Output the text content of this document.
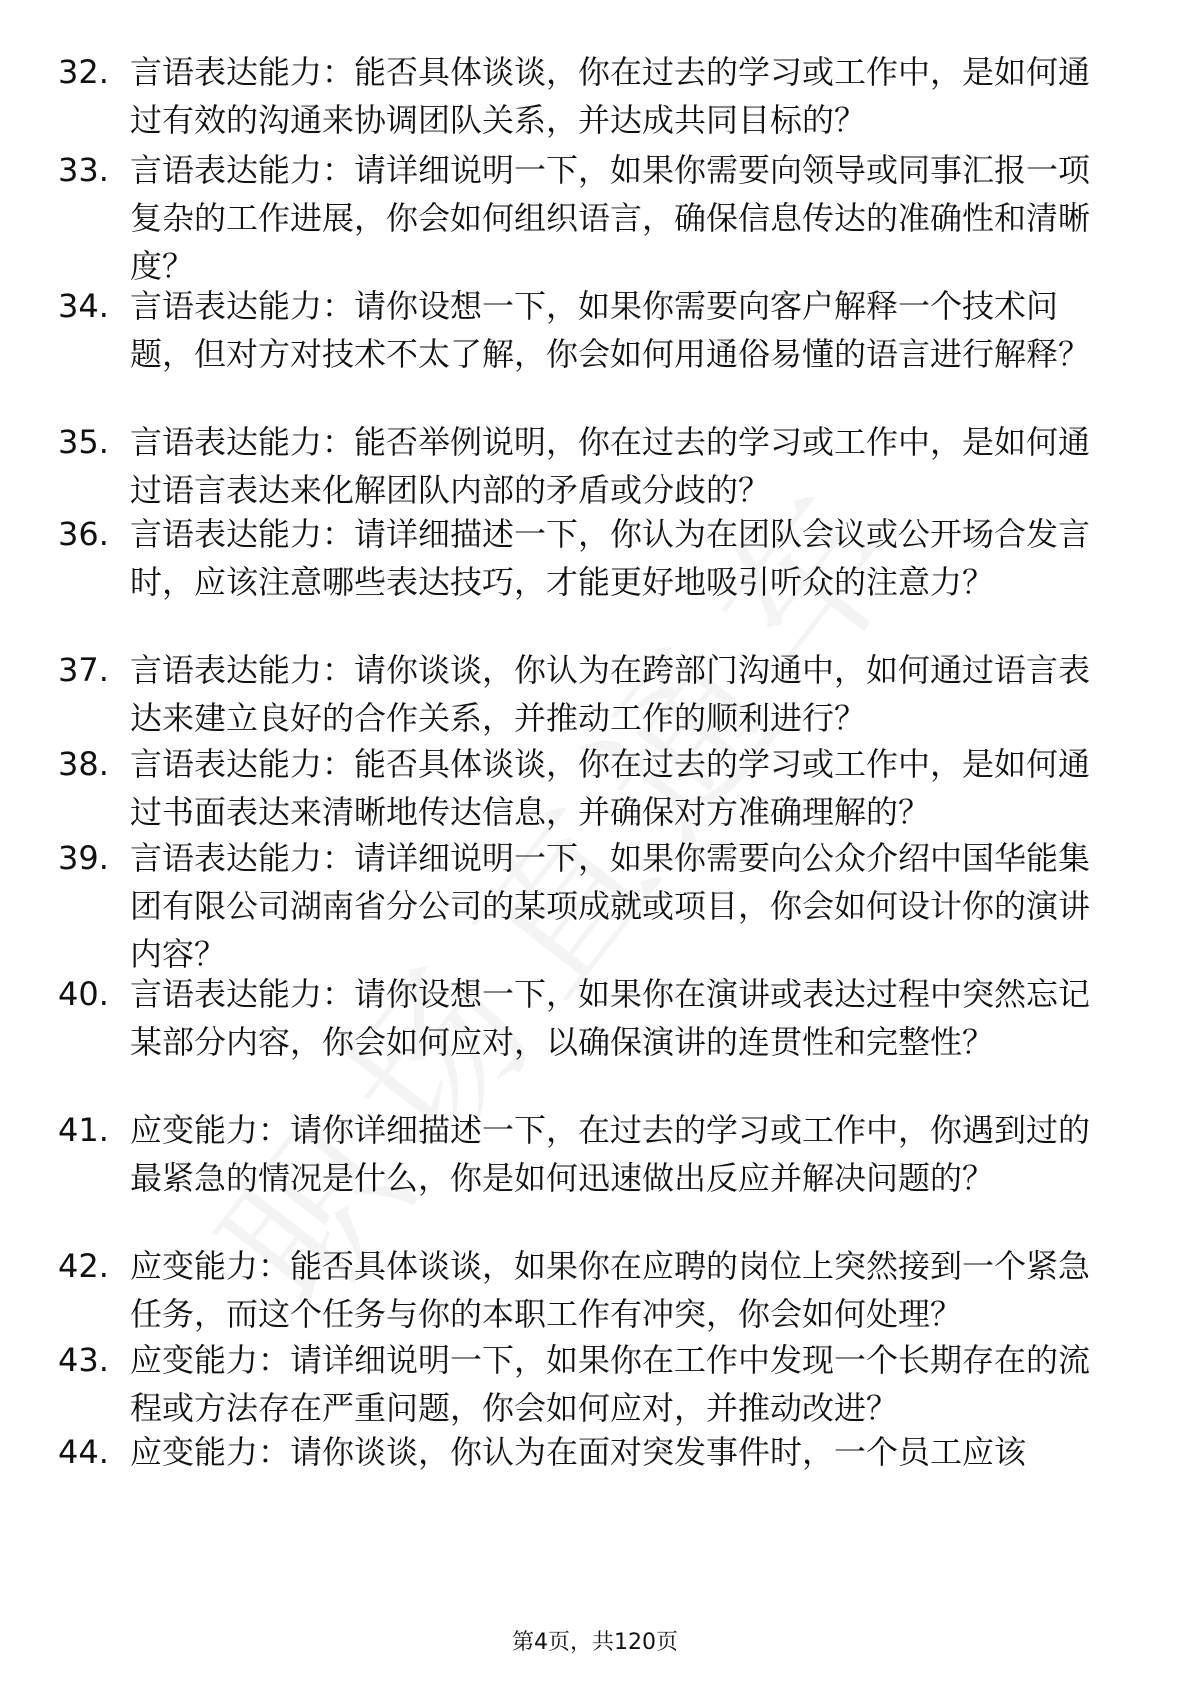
32. 言语表达能力：能否具体谈谈，你在过去的学习或工作中，是如何通过有效的沟通来协调团队关系，并达成共同目标的？
33. 言语表达能力：请详细说明一下，如果你需要向领导或同事汇报一项复杂的工作进展，你会如何组织语言，确保信息传达的准确性和清晰度？
34. 言语表达能力：请你设想一下，如果你需要向客户解释一个技术问题，但对方对技术不太了解，你会如何用通俗易懂的语言进行解释？
35. 言语表达能力：能否举例说明，你在过去的学习或工作中，是如何通过语言表达来化解团队内部的矛盾或分歧的？
36. 言语表达能力：请详细描述一下，你认为在团队会议或公开场合发言时，应该注意哪些表达技巧，才能更好地吸引听众的注意力？
37. 言语表达能力：请你谈谈，你认为在跨部门沟通中，如何通过语言表达来建立良好的合作关系，并推动工作的顺利进行？
38. 言语表达能力：能否具体谈谈，你在过去的学习或工作中，是如何通过书面表达来清晰地传达信息，并确保对方准确理解的？
39. 言语表达能力：请详细说明一下，如果你需要向公众介绍中国华能集团有限公司湖南省分公司的某项成就或项目，你会如何设计你的演讲内容？
40. 言语表达能力：请你设想一下，如果你在演讲或表达过程中突然忘记某部分内容，你会如何应对，以确保演讲的连贯性和完整性？
41. 应变能力：请你详细描述一下，在过去的学习或工作中，你遇到过的最紧急的情况是什么，你是如何迅速做出反应并解决问题的？
42. 应变能力：能否具体谈谈，如果你在应聘的岗位上突然接到一个紧急任务，而这个任务与你的本职工作有冲突，你会如何处理？
43. 应变能力：请详细说明一下，如果你在工作中发现一个长期存在的流程或方法存在严重问题，你会如何应对，并推动改进？
44. 应变能力：请你谈谈，你认为在面对突发事件时，一个员工应该
第4页，共120页
